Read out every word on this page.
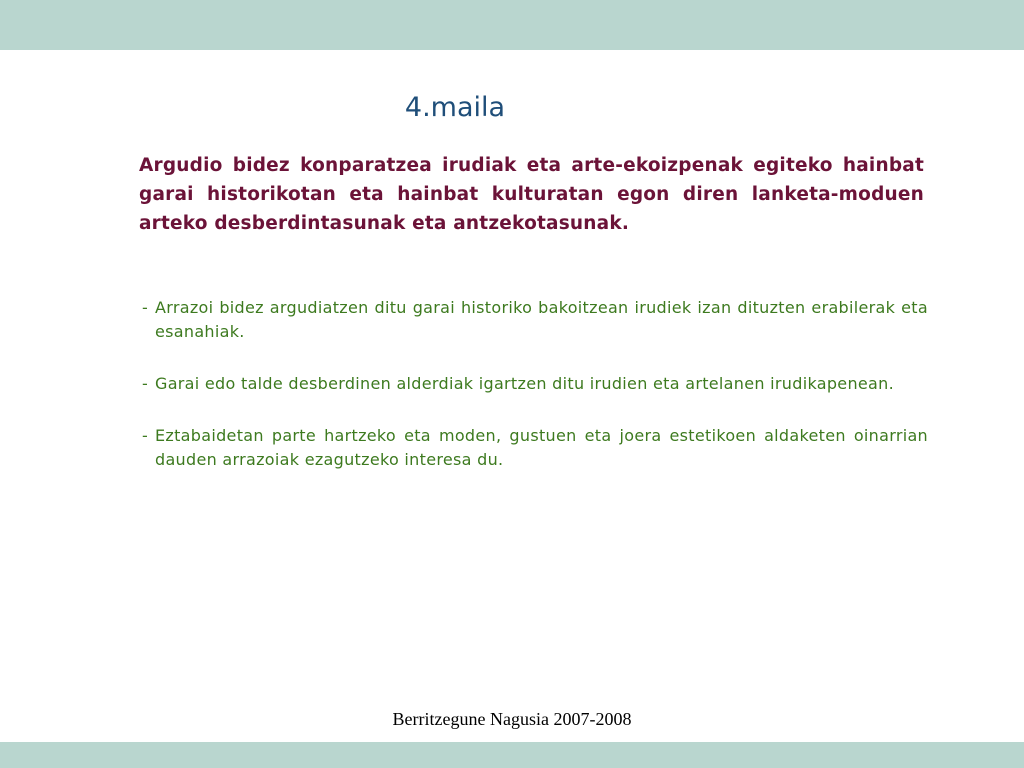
4.maila

Argudio bidez konparatzea irudiak eta arte-ekoizpenak egiteko hainbat garai historikotan eta hainbat kulturatan egon diren lanketa-moduen arteko desberdintasunak eta antzekotasunak.

- Arrazoi bidez argudiatzen ditu garai historiko bakoitzean irudiek izan dituzten erabilerak eta esanahiak.
- Garai edo talde desberdinen alderdiak igartzen ditu irudien eta artelanen irudikapenean.
- Eztabaidetan parte hartzeko eta moden, gustuen eta joera estetikoen aldaketen oinarrian dauden arrazoiak ezagutzeko interesa du.
Berritzegune Nagusia 2007-2008
